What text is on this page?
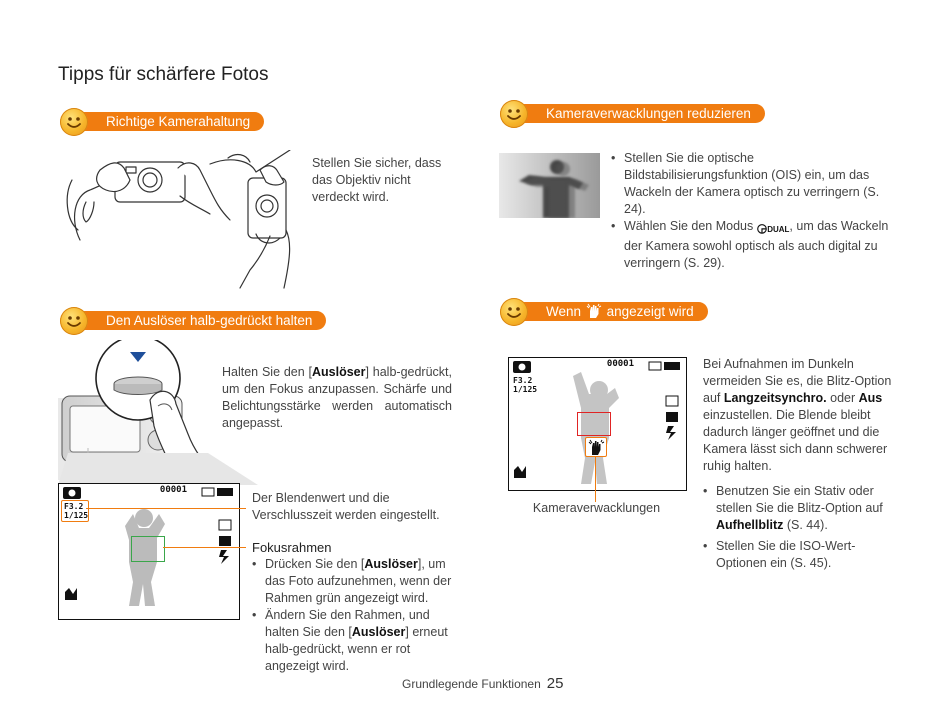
Tipps für schärfere Fotos
Richtige Kamerahaltung
Stellen Sie sicher, dass das Objektiv nicht verdeckt wird.
Den Auslöser halb-gedrückt halten
Halten Sie den [Auslöser] halb-gedrückt, um den Fokus anzupassen. Schärfe und Belichtungsstärke werden automatisch angepasst.
00001
F3.2
1/125
Der Blendenwert und die Verschlusszeit werden eingestellt.
Fokusrahmen
• Drücken Sie den [Auslöser], um das Foto aufzunehmen, wenn der Rahmen grün angezeigt wird.
• Ändern Sie den Rahmen, und halten Sie den [Auslöser] erneut halb-gedrückt, wenn er rot angezeigt wird.
Kameraverwacklungen reduzieren
• Stellen Sie die optische Bildstabilisierungsfunktion (OIS) ein, um das Wackeln der Kamera optisch zu verringern (S. 24).
• Wählen Sie den Modus ◶DUAL, um das Wackeln der Kamera sowohl optisch als auch digital zu verringern (S. 29).
Wenn angezeigt wird
00001
F3.2
1/125
Kameraverwacklungen
Bei Aufnahmen im Dunkeln vermeiden Sie es, die Blitz-Option auf Langzeitsynchro. oder Aus einzustellen. Die Blende bleibt dadurch länger geöffnet und die Kamera lässt sich dann schwerer ruhig halten.
• Benutzen Sie ein Stativ oder stellen Sie die Blitz-Option auf Aufhellblitz (S. 44).
• Stellen Sie die ISO-Wert-Optionen ein (S. 45).
Grundlegende Funktionen 25
